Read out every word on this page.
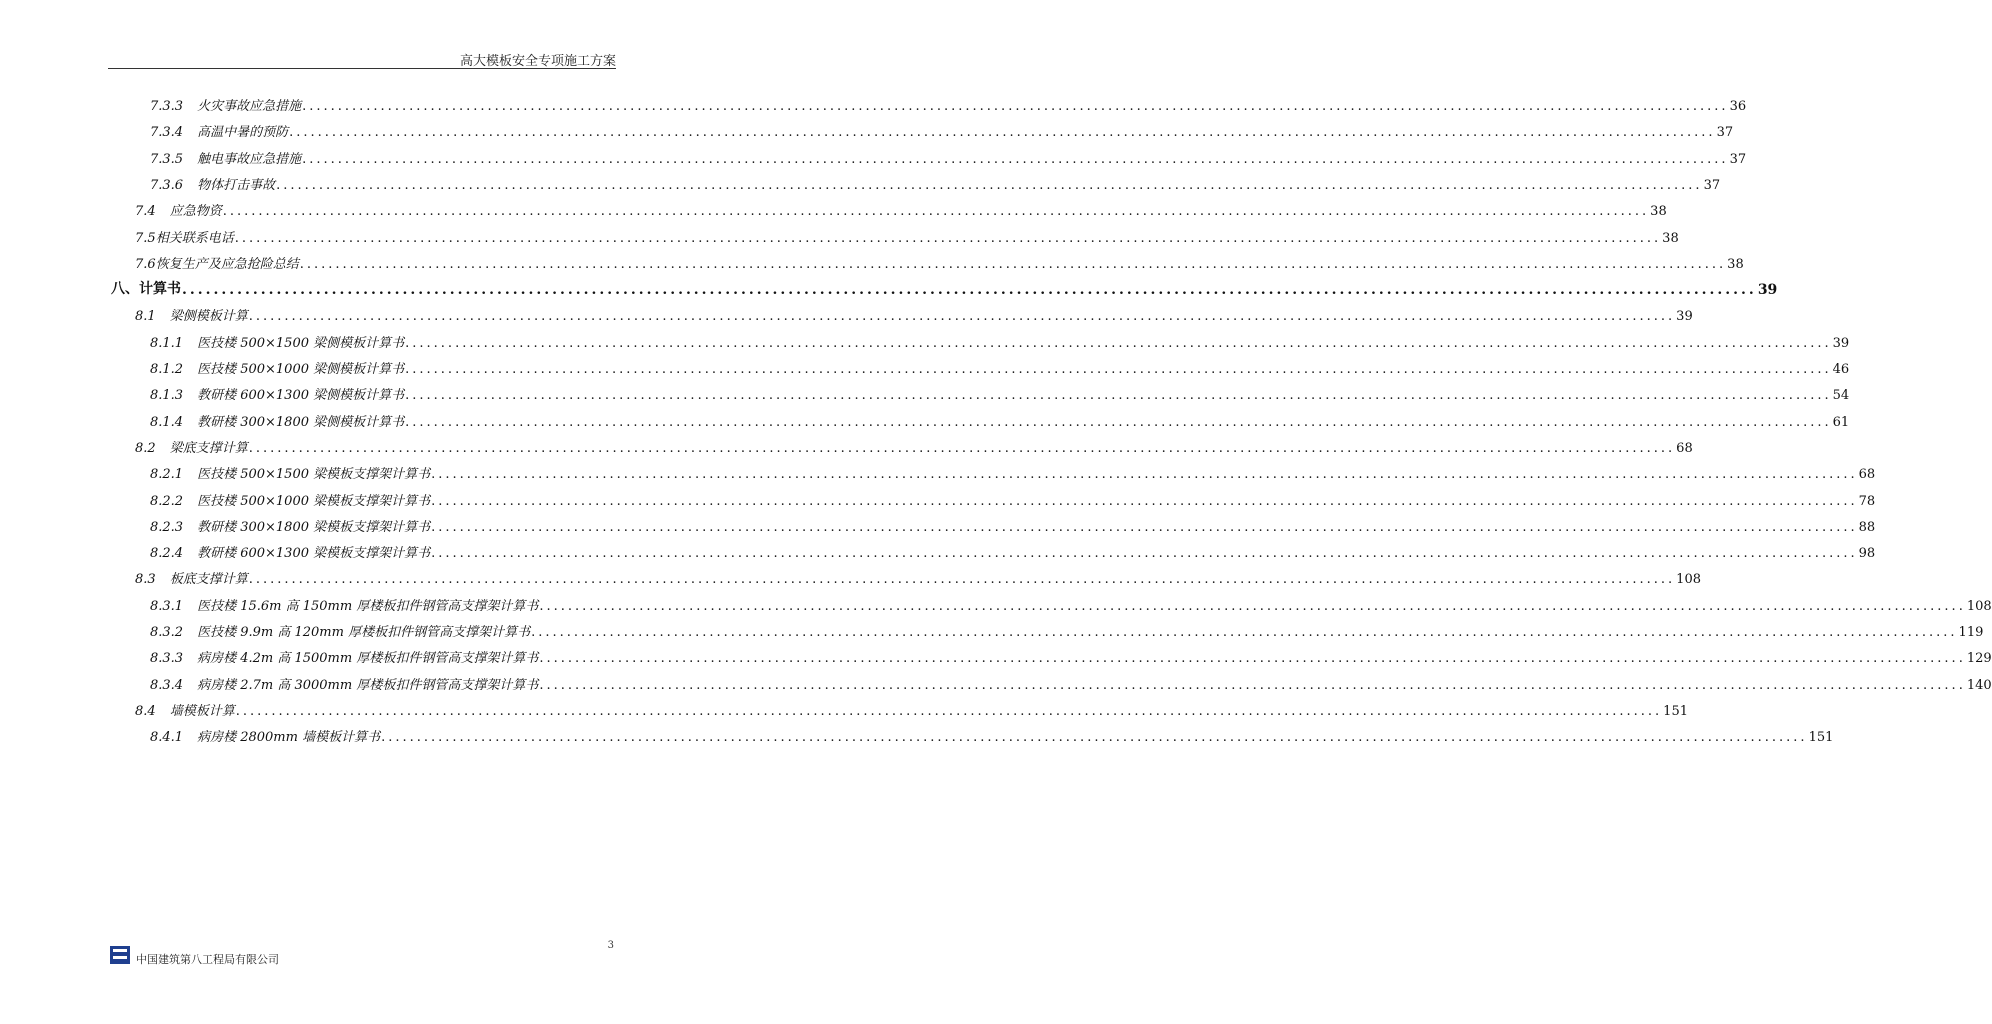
高大模板安全专项施工方案
7.3.3 火灾事故应急措施 ........................................................................................................................................................................................................ 36
7.3.4 高温中暑的预防 ........................................................................................................................................................................................................ 37
7.3.5 触电事故应急措施 ........................................................................................................................................................................................................ 37
7.3.6 物体打击事故 ........................................................................................................................................................................................................ 37
7.4 应急物资 ........................................................................................................................................................................................................ 38
7.5 相关联系电话 ........................................................................................................................................................................................................ 38
7.6 恢复生产及应急抢险总结 ........................................................................................................................................................................................................ 38
八、 计算书 ........................................................................................................................................................................................................ 39
8.1 梁侧模板计算 ........................................................................................................................................................................................................ 39
8.1.1 医技楼 500×1500 梁侧模板计算书 ........................................................................................................................................................................................................ 39
8.1.2 医技楼 500×1000 梁侧模板计算书 ........................................................................................................................................................................................................ 46
8.1.3 教研楼 600×1300 梁侧模板计算书 ........................................................................................................................................................................................................ 54
8.1.4 教研楼 300×1800 梁侧模板计算书 ........................................................................................................................................................................................................ 61
8.2 梁底支撑计算 ........................................................................................................................................................................................................ 68
8.2.1 医技楼 500×1500 梁模板支撑架计算书 ........................................................................................................................................................................................................ 68
8.2.2 医技楼 500×1000 梁模板支撑架计算书 ........................................................................................................................................................................................................ 78
8.2.3 教研楼 300×1800 梁模板支撑架计算书 ........................................................................................................................................................................................................ 88
8.2.4 教研楼 600×1300 梁模板支撑架计算书 ........................................................................................................................................................................................................ 98
8.3 板底支撑计算 ........................................................................................................................................................................................................ 108
8.3.1 医技楼 15.6m 高 150mm 厚楼板扣件钢管高支撑架计算书 ........................................................................................................................................................................................................ 108
8.3.2 医技楼 9.9m 高 120mm 厚楼板扣件钢管高支撑架计算书 ........................................................................................................................................................................................................ 119
8.3.3 病房楼 4.2m 高 1500mm 厚楼板扣件钢管高支撑架计算书 ........................................................................................................................................................................................................ 129
8.3.4 病房楼 2.7m 高 3000mm 厚楼板扣件钢管高支撑架计算书 ........................................................................................................................................................................................................ 140
8.4 墙模板计算 ........................................................................................................................................................................................................ 151
8.4.1 病房楼 2800mm 墙模板计算书 ........................................................................................................................................................................................................ 151
3
中国建筑第八工程局有限公司
